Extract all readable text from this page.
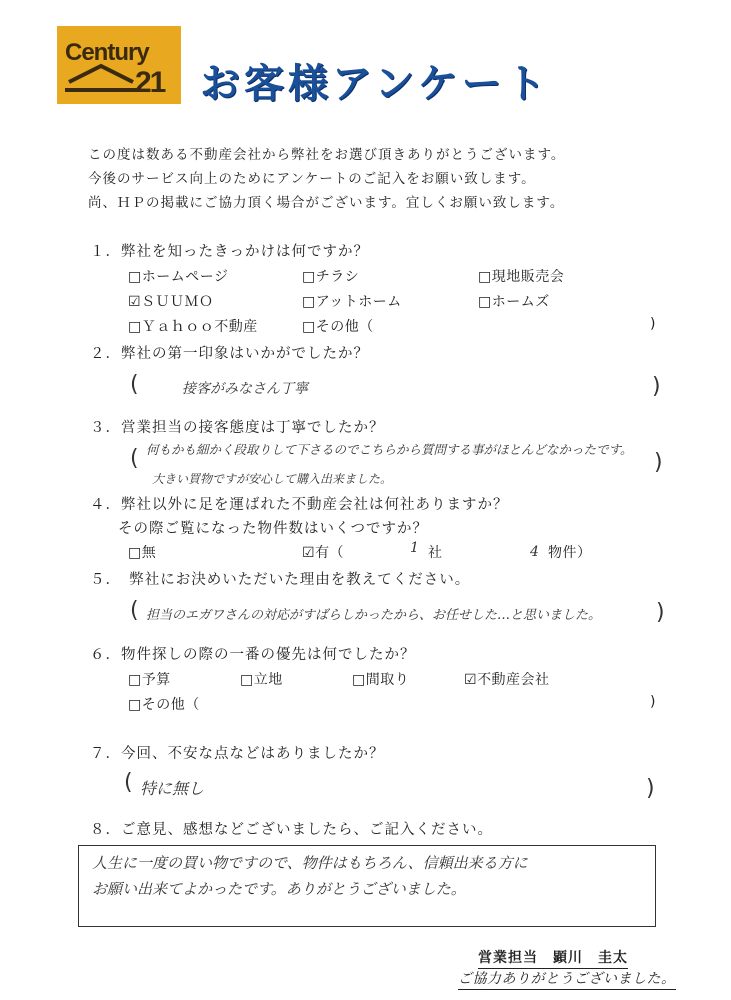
Century
21 お客様アンケート
この度は数ある不動産会社から弊社をお選び頂きありがとうございます。
今後のサービス向上のためにアンケートのご記入をお願い致します。
尚、ＨＰの掲載にご協力頂く場合がございます。宜しくお願い致します。
１．弊社を知ったきっかけは何ですか？
□ホームページ	□チラシ	□現地販売会
☑ＳＵＵＭＯ	□アットホーム	□ホームズ
□Ｙａｈｏｏ不動産	□その他（	)
２．弊社の第一印象はいかがでしたか？
(	接客がみなさん丁寧	)
３．営業担当の接客態度は丁寧でしたか？
( 何もかも細かく段取りして下さるのでこちらから質問する事がほとんどなかったです。
大きい買物ですが安心して購入出来ました。
)
４．弊社以外に足を運ばれた不動産会社は何社ありますか？
その際ご覧になった物件数はいくつですか？
□無	☑有（	1 社	4 物件）
５．　弊社にお決めいただいた理由を教えてください。
( 担当のエガワさんの対応がすばらしかったから、お任せした…と思いました。 )
６．物件探しの際の一番の優先は何でしたか？
□予算	□立地	□間取り	☑不動産会社
□その他（	)
７．今回、不安な点などはありましたか？
( 特に無し	)
８．ご意見、感想などございましたら、ご記入ください。
人生に一度の買い物ですので、物件はもちろん、信頼出来る方に
お願い出来てよかったです。ありがとうございました。
営業担当　顕川　圭太
ご協力ありがとうございました。
